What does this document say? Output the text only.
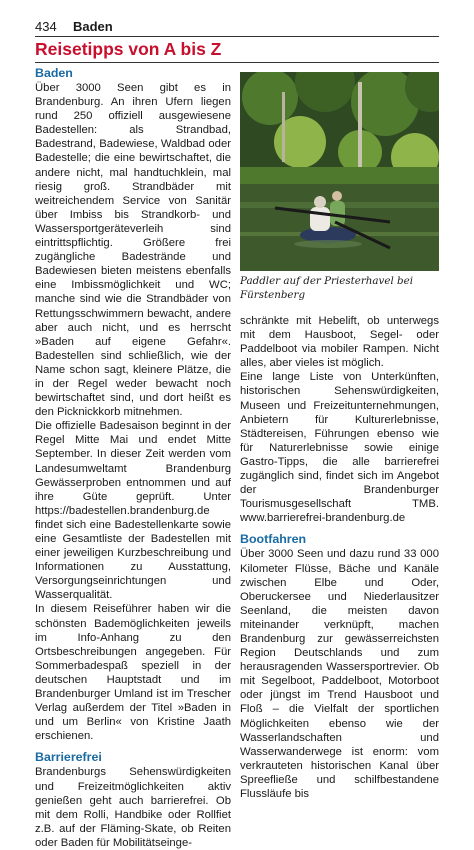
434 Baden
Reisetipps von A bis Z
Baden

Über 3000 Seen gibt es in Brandenburg. An ihren Ufern liegen rund 250 offiziell ausgewiesene Badestellen: als Strandbad, Badestrand, Badewiese, Waldbad oder Badestelle; die eine bewirtschaftet, die andere nicht, mal handtuchklein, mal riesig groß. Strandbäder mit weitreichendem Service von Sanitär über Imbiss bis Strandkorb- und Wassersportgeräteverleih sind eintrittspflichtig. Größere frei zugängliche Badestrände und Badewiesen bieten meistens ebenfalls eine Imbissmöglichkeit und WC; manche sind wie die Strandbäder von Rettungsschwimmern bewacht, andere aber auch nicht, und es herrscht »Baden auf eigene Gefahr«. Badestellen sind schließlich, wie der Name schon sagt, kleinere Plätze, die in der Regel weder bewacht noch bewirtschaftet sind, und dort heißt es den Picknickkorb mitnehmen.

Die offizielle Badesaison beginnt in der Regel Mitte Mai und endet Mitte September. In dieser Zeit werden vom Landesumweltamt Brandenburg Gewässerproben entnommen und auf ihre Güte geprüft. Unter https://badestellen.brandenburg.de findet sich eine Badestellenkarte sowie eine Gesamtliste der Badestellen mit einer jeweiligen Kurzbeschreibung und Informationen zu Ausstattung, Versorgungseinrichtungen und Wasserqualität.

In diesem Reiseführer haben wir die schönsten Bademöglichkeiten jeweils im Info-Anhang zu den Ortsbeschreibungen angegeben. Für Sommerbadespaß speziell in der deutschen Hauptstadt und im Brandenburger Umland ist im Trescher Verlag außerdem der Titel »Baden in und um Berlin« von Kristine Jaath erschienen.

Barrierefrei

Brandenburgs Sehenswürdigkeiten und Freizeitmöglichkeiten aktiv genießen geht auch barrierefrei. Ob mit dem Rolli, Handbike oder Rollfiet z.B. auf der Fläming-Skate, ob Reiten oder Baden für Mobilitätseinge-

Paddler auf der Priesterhavel bei Fürstenberg

schränkte mit Hebelift, ob unterwegs mit dem Hausboot, Segel- oder Paddelboot via mobiler Rampen. Nicht alles, aber vieles ist möglich.

Eine lange Liste von Unterkünften, historischen Sehenswürdigkeiten, Museen und Freizeitunternehmungen, Anbietern für Kulturerlebnisse, Städtereisen, Führungen ebenso wie für Naturerlebnisse sowie einige Gastro-Tipps, die alle barrierefrei zugänglich sind, findet sich im Angebot der Brandenburger Tourismusgesellschaft TMB. www.barrierefrei-brandenburg.de

Bootfahren

Über 3000 Seen und dazu rund 33 000 Kilometer Flüsse, Bäche und Kanäle zwischen Elbe und Oder, Oberuckersee und Niederlausitzer Seenland, die meisten davon miteinander verknüpft, machen Brandenburg zur gewässerreichsten Region Deutschlands und zum herausragenden Wassersportrevier. Ob mit Segelboot, Paddelboot, Motorboot oder jüngst im Trend Hausboot und Floß – die Vielfalt der sportlichen Möglichkeiten ebenso wie der Wasserlandschaften und Wasserwanderwege ist enorm: vom verkrauteten historischen Kanal über Spreefließe und schilfbestandene Flussläufe bis
